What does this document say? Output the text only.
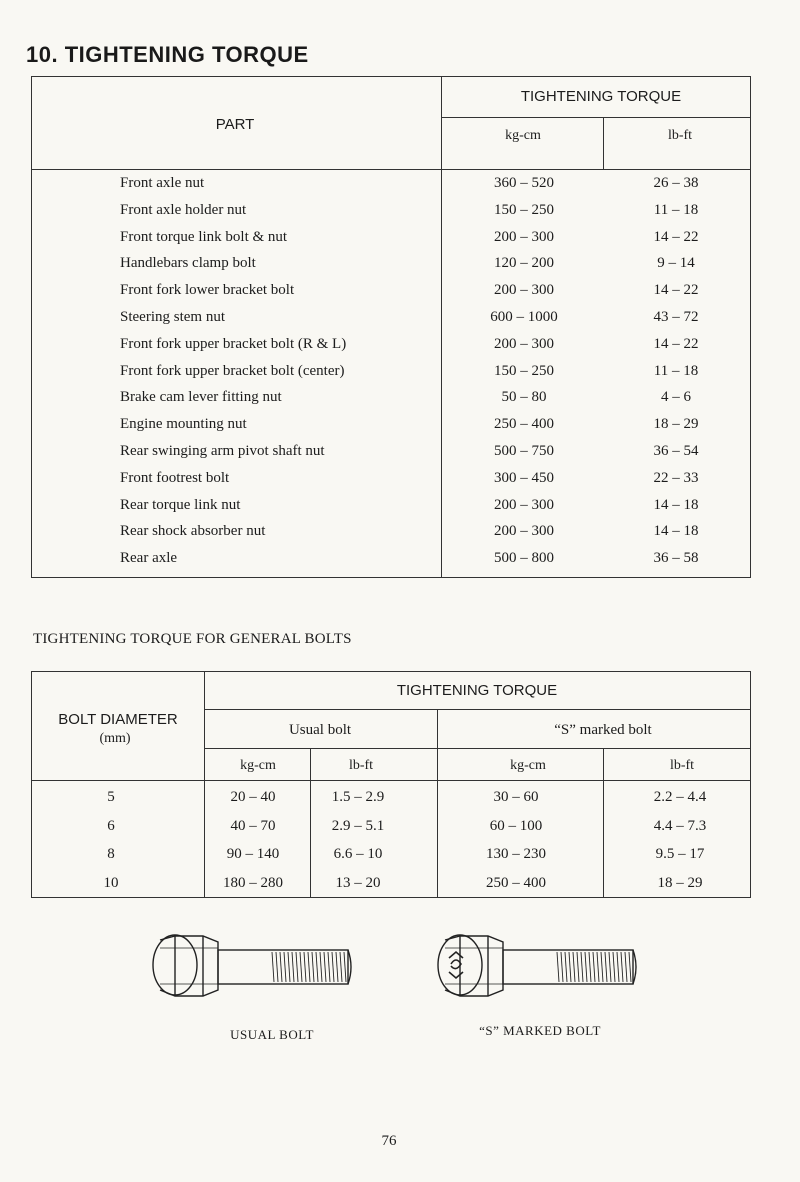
10. TIGHTENING TORQUE
PART
TIGHTENING TORQUE
kg-cm	lb-ft
Front axle nut	360 – 520	26 – 38
Front axle holder nut	150 – 250	11 – 18
Front torque link bolt & nut	200 – 300	14 – 22
Handlebars clamp bolt	120 – 200	9 – 14
Front fork lower bracket bolt	200 – 300	14 – 22
Steering stem nut	600 – 1000	43 – 72
Front fork upper bracket bolt (R & L)	200 – 300	14 – 22
Front fork upper bracket bolt (center)	150 – 250	11 – 18
Brake cam lever fitting nut	50 – 80	4 – 6
Engine mounting nut	250 – 400	18 – 29
Rear swinging arm pivot shaft nut	500 – 750	36 – 54
Front footrest bolt	300 – 450	22 – 33
Rear torque link nut	200 – 300	14 – 18
Rear shock absorber nut	200 – 300	14 – 18
Rear axle	500 – 800	36 – 58
TIGHTENING TORQUE FOR GENERAL BOLTS
BOLT DIAMETER
(mm)
TIGHTENING TORQUE
Usual bolt	“S” marked bolt
kg-cm	lb-ft	kg-cm	lb-ft
5	20 – 40	1.5 – 2.9	30 – 60	2.2 – 4.4
6	40 – 70	2.9 – 5.1	60 – 100	4.4 – 7.3
8	90 – 140	6.6 – 10	130 – 230	9.5 – 17
10	180 – 280	13 – 20	250 – 400	18 – 29
USUAL BOLT	“S” MARKED BOLT
76
